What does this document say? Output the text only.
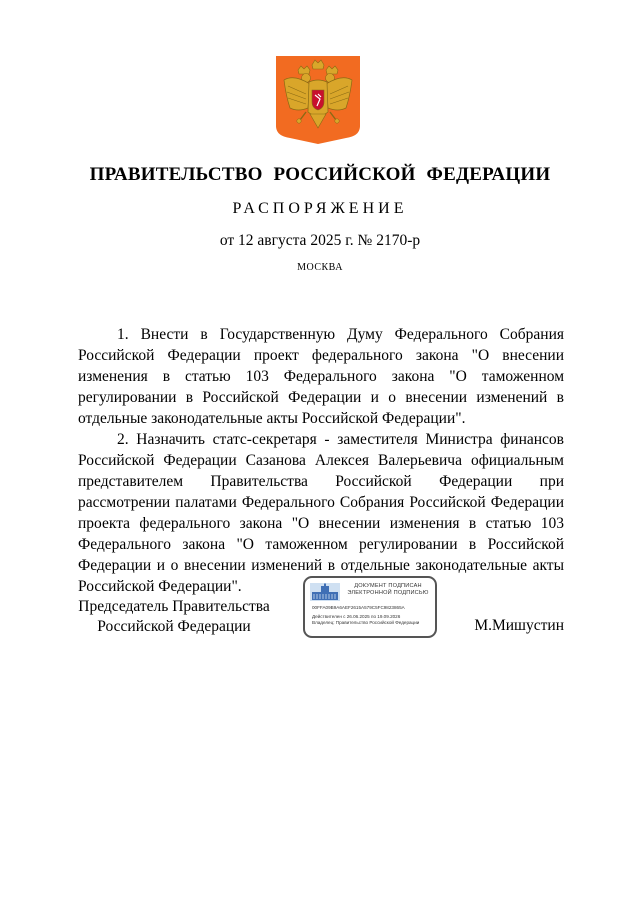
ПРАВИТЕЛЬСТВО РОССИЙСКОЙ ФЕДЕРАЦИИ
РАСПОРЯЖЕНИЕ
от 12 августа 2025 г. № 2170-р
МОСКВА

1. Внести в Государственную Думу Федерального Собрания Российской Федерации проект федерального закона "О внесении изменения в статью 103 Федерального закона "О таможенном регулировании в Российской Федерации и о внесении изменений в отдельные законодательные акты Российской Федерации".

2. Назначить статс-секретаря - заместителя Министра финансов Российской Федерации Сазанова Алексея Валерьевича официальным представителем Правительства Российской Федерации при рассмотрении палатами Федерального Собрания Российской Федерации проекта федерального закона "О внесении изменения в статью 103 Федерального закона "О таможенном регулировании в Российской Федерации и о внесении изменений в отдельные законодательные акты Российской Федерации".

Председатель Правительства
Российской Федерации
ДОКУМЕНТ ПОДПИСАН
ЭЛЕКТРОННОЙ ПОДПИСЬЮ
00FFA09B9A6AEF2615A579C5FC9823865A
Действителен с 26.06.2025 по 19.09.2026
Владелец: Правительство Российской Федерации	М.Мишустин
